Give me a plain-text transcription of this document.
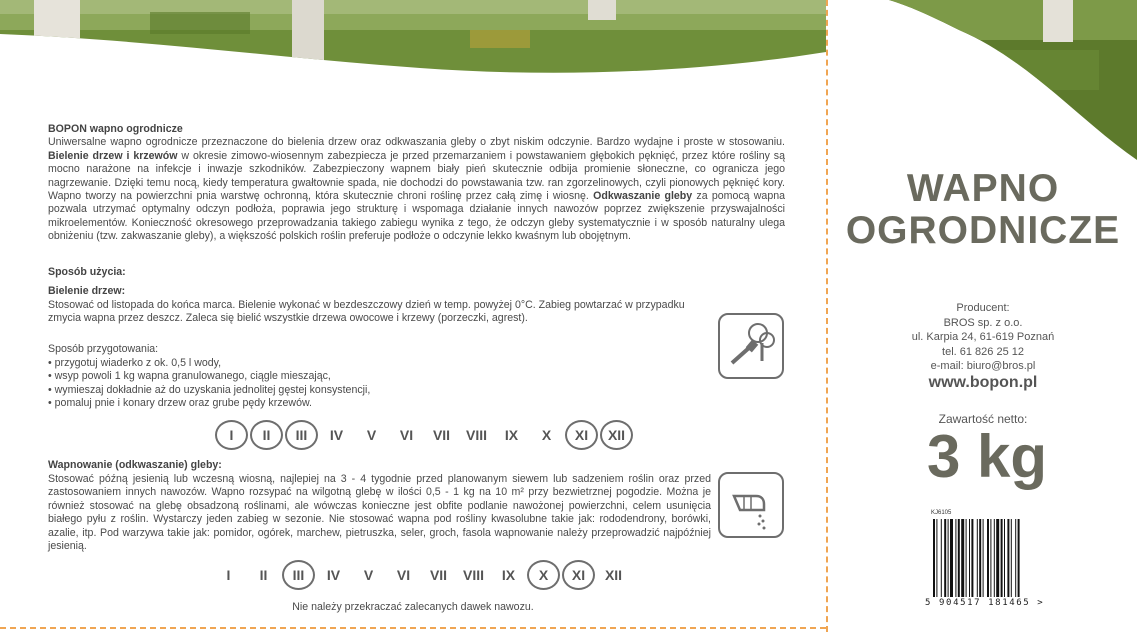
BOPON wapno ogrodnicze

Uniwersalne wapno ogrodnicze przeznaczone do bielenia drzew oraz odkwaszania gleby o zbyt niskim odczynie. Bardzo wydajne i proste w stosowaniu. Bielenie drzew i krzewów w okresie zimowo-wiosennym zabezpiecza je przed przemarzaniem i powstawaniem głębokich pęknięć, przez które rośliny są mocno narażone na infekcje i inwazje szkodników. Zabezpieczony wapnem biały pień skutecznie odbija promienie słoneczne, co ogranicza jego nagrzewanie. Dzięki temu nocą, kiedy temperatura gwałtownie spada, nie dochodzi do powstawania tzw. ran zgorzelinowych, czyli pionowych pęknięć kory. Wapno tworzy na powierzchni pnia warstwę ochronną, która skutecznie chroni roślinę przez całą zimę i wiosnę. Odkwaszanie gleby za pomocą wapna pozwala utrzymać optymalny odczyn podłoża, poprawia jego strukturę i wspomaga działanie innych nawozów poprzez zwiększenie przyswajalności mikroelementów. Konieczność okresowego przeprowadzania takiego zabiegu wynika z tego, że odczyn gleby systematycznie i w sposób naturalny ulega obniżeniu (tzw. zakwaszanie gleby), a większość polskich roślin preferuje podłoże o odczynie lekko kwaśnym lub obojętnym.

Sposób użycia:
Bielenie drzew:
Stosować od listopada do końca marca. Bielenie wykonać w bezdeszczowy dzień w temp. powyżej 0°C. Zabieg powtarzać w przypadku zmycia wapna przez deszcz. Zaleca się bielić wszystkie drzewa owocowe i krzewy (porzeczki, agrest).
Sposób przygotowania:
• przygotuj wiaderko z ok. 0,5 l wody,
• wsyp powoli 1 kg wapna granulowanego, ciągle mieszając,
• wymieszaj dokładnie aż do uzyskania jednolitej gęstej konsystencji,
• pomaluj pnie i konary drzew oraz grube pędy krzewów.
I	II	III	IV	V	VI	VII	VIII	IX	X	XI	XII
Wapnowanie (odkwaszanie) gleby:
Stosować późną jesienią lub wczesną wiosną, najlepiej na 3 - 4 tygodnie przed planowanym siewem lub sadzeniem roślin oraz przed zastosowaniem innych nawozów. Wapno rozsypać na wilgotną glebę w ilości 0,5 - 1 kg na 10 m² przy bezwietrznej pogodzie. Można je również stosować na glebę obsadzoną roślinami, ale wówczas konieczne jest obfite podlanie nawożonej powierzchni, celem usunięcia białego pyłu z roślin. Wystarczy jeden zabieg w sezonie. Nie stosować wapna pod rośliny kwasolubne takie jak: rododendrony, borówki, azalie, itp. Pod warzywa takie jak: pomidor, ogórek, marchew, pietruszka, seler, groch, fasola wapnowanie należy przeprowadzić najpóźniej jesienią.
I	II	III	IV	V	VI	VII	VIII	IX	X	XI	XII
Nie należy przekraczać zalecanych dawek nawozu.
WAPNO
OGRODNICZE
Producent:
BROS sp. z o.o.
ul. Karpia 24, 61-619 Poznań
tel. 61 826 25 12
e-mail: biuro@bros.pl
www.bopon.pl
Zawartość netto:
3 kg
KJ6105
5 904517 181465 >
